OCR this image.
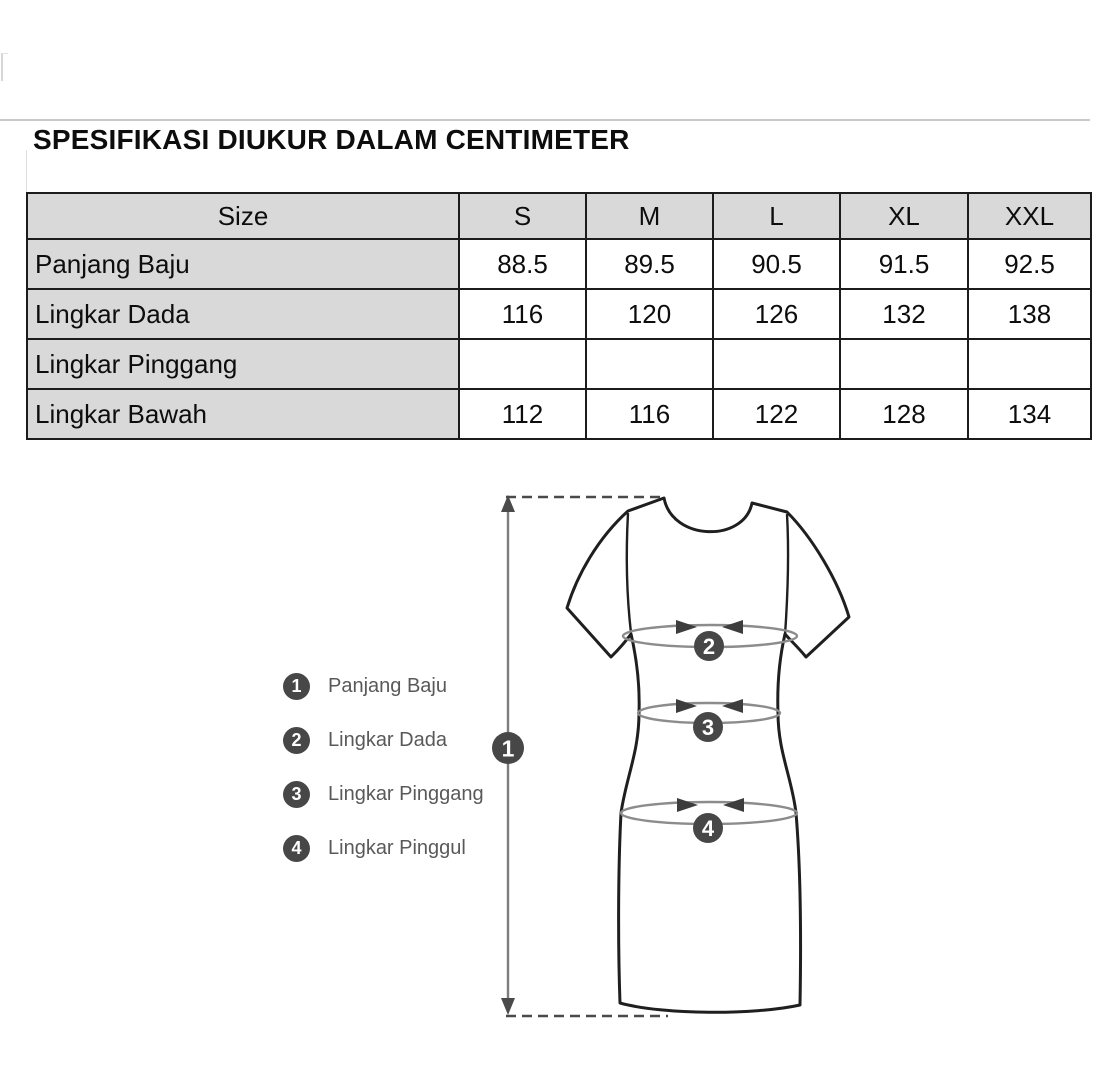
SPESIFIKASI DIUKUR DALAM CENTIMETER
Size	S	M	L	XL	XXL
Panjang Baju	88.5	89.5	90.5	91.5	92.5
Lingkar Dada	116	120	126	132	138
Lingkar Pinggang					
Lingkar Bawah	112	116	122	128	134
2
3
4
1
1	Panjang Baju
2	Lingkar Dada
3	Lingkar Pinggang
4	Lingkar Pinggul
